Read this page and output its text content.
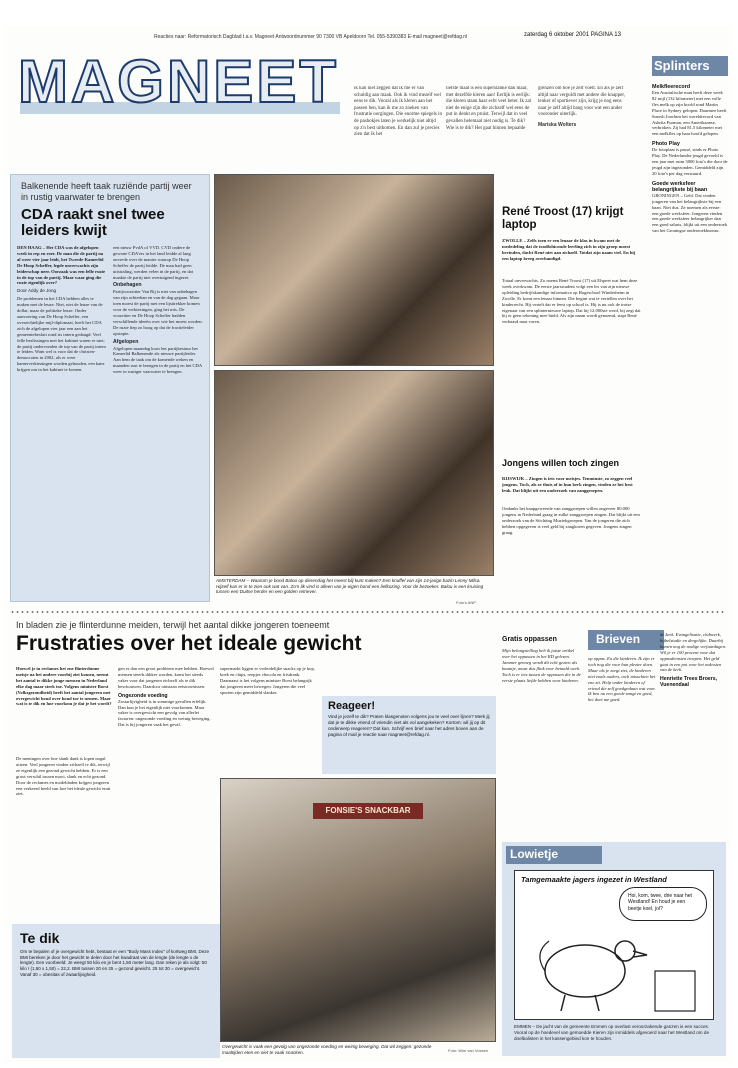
MAGNEET
Reacties naar: Reformatorisch Dagblad t.a.v. Magneet Antwoordnummer 90 7300 VB Apeldoorn Tel. 055-5390383 E-mail magneet@refdag.nl	zaterdag 6 oktober 2001 PAGINA 13
ik kan niet zeggen dat ik me er van schuldig aan maak. Ook ik vind mezelf wel eens te dik. Vooral als ik kleren aan het passen ben, kan ik me zo zoeken van frustratie oorgingen. Die enorme spiegels in de pashokjes laten je werkelijk niet altijd op z'n best uitkomen. En dan zul je precies zien dat ik het
liefste maat is een superslanke dan maar, met dezelfde kleren aan! Eerlijk is eerlijk: die kleren staan haar echt veel beter. Ik zal niet de enige zijn die zichzelf wel eens de put in denkt en pruist. Terwijl dat in veel gevallen helemaal niet nodig is. Te dik? Wie is te dik? Het gaat binnen bepaalde
grenzen om hoe je zelf voelt. En als je zelf altijd naar verguldt met andere die knapper, leuker of sportiever zijn, krijg je nog eens naar je zelf altijd bang voor wat een ander vooronder uiterlijk.
Mariska Wolters
Balkenende heeft taak ruziënde partij weer in rustig vaarwater te brengen
CDA raakt snel twee leiders kwijt
DEN HAAG – Het CDA was de afgelopen week in rep en roer. De man die de partij na al weer vier jaar leidt, het Tweede-Kamerlid De Hoop Scheffer, legde onverwachts zijn leiderschap neer. Oorzaak was een felle ruzie in de top van de partij. Maar waar ging die ruzie eigenlijk over?
Door Addy de Jong
De problemen in het CDA hebben alles te maken met de leuze. Niet, niet de leuze van de dollar, maar de politieke leuze. Onder aanvoering van De Hoop Scheffer, een overzichtelijke mijl-diplomaat, heeft het CDA zich de afgelopen vier jaar een aan het gemeentebesluit rond ris intern gedaagd. Veel felle beslissingen met het kabinet waren er niet; de partij ondervonden de top van de partij intern te leiden. Want wel is voor dat de christen-democraten in 2002, als er weer kamerverkiezingen worden gehouden, een kans krijgen om in het kabinet te komen.
een nieuw PvdA of VVD. CVD ondere de gewone CDA'ers in het land leidde al lang onvrede over de manier waarop De Hoop Scheffer de partij leidde. De man had geen uitstraling, werden velen in de partij, en dat maakte de partij niet overtuigend ingezet.
Onbehagen
Partijvoorzitter Van Rij is niet van onbehagen van zijn achterban en van de dag gegaan. Maar toen moest de partij met een lijsttrekker komen voor de verkiezingen, ging het mis. De voorzitter en De Hoop Scheffer hadden verschillende ideeën over wie het moest worden. De ruzie liep zo hoog op dat de fractieleider opstapte.
Afgelopen
Afgelopen maandag koos het partijbestuur het Kamerlid Balkenende als nieuwe partijleider. Aan hem de taak om de komende weken en maanden rust te brengen in de partij en het CDA weer in rustiger vaarwater te brengen.
AMSTERDAM – Waarom je bond Balou op dierendag het meest blij kunt maken? Een knuffel van zijn 14-jarige bazin Lenny Milca. Hijzelf kan er in te zien ook wat van. Zo'n lik vind is alleen van je eigen bond een liefkozing. Voor de bezoeker. Balou is een kruising tussen een Duitse herder en een golden retriever.
Foto's ANP
René Troost (17) krijgt laptop
ZWOLLE – Zelfs toen er een lenaar de klas in kwam met de mededeling dat de toodfohiconde leerling zich in zijn groep moest bevinden, dacht René niet aan zichzelf. Totdat zijn naam viel. En hij een laptop kreeg overhandigd.
Totaal onverwachts. Zo noemt René Troost (17) uit Elspeet wat hem deze week overkwam. De eerste jaarsstudent volgt een les van zijn nieuwe opleiding bedrijfskundige informatica op Hogeschool Windesheim in Zwolle. Er komt een lenaar binnen. Die begint wat te vertellen over het kinderrecht. Hij vertelt dat er feest op school is. Hij is nu ook de trotse eigenaar van een splinternieuwe laptop. Dat hij 12.000ste werd, hij zegt dat hij er geen rekening mee hield. Als zijn naam wordt genoemd, stapt René verbaasd naar voren.
Jongens willen toch zingen
RIJSWIJK – Zingen is iets voor meisjes. Tenminste, zo zeggen veel jongens. Toch, als ze thuis of in hun kerk zingen, vinden ze het best leuk. Dat blijkt uit een onderzoek van zanggroepen.
Ondanks het knapgeweerde van zanggroepen willen ongeveer 80.000 jongens in Nederland graag in zulke zanggroepen zingen. Dat blijkt uit een onderzoek van de Stichting Muziekgroepen. Van de jongeren die zich hebben opgegeven is veel geld bij zangkoren gegeven. Jongens zingen graag.
Splinters
Melkfleerecord
Een Australische man heeft deze week 82 mijl (132 kilometer) met een volle fles melk op zijn hoofd rond Martin Place in Sydney gelopen. Daarmee heeft Suresh Joachim het wereldrecord van Ashrita Furman, een Amerikaanse, verbroken. Zij had 81,5 kilometer met een melkfles op haar hoofd gelopen.
Photo Play
De fotoplaat is passé, sinds er Photo Play. De Nederlandse jeugd gevoeld is een jaar met ruim 3000 foto's die door de jeugd zijn ingezonden. Gemiddeld zijn 20 foto's per dag verstuurd.
Goede werksfeer belangrijkste bij baan
GRONINGEN – Geld. Dat vinden jongeren van het belangrijkste bij een baan. Niet dus. Ze noemen als eerste: een goede werksfeer. Jongeren vinden een goede werksfeer belangrijker dan een goed salaris, blijkt uit een onderzoek van het Groningse onderzoekbureau.
In bladen zie je flinterdunne meiden, terwijl het aantal dikke jongeren toeneemt
Frustraties over het ideale gewicht
Hoewel je in reclames het ene flinterdunne meisje na het andere voorbij ziet komen, neemt het aantal te dikke jonge mensen in Nederland elke dag maar sterk toe. Volgens minister Borst (Volksgezondheid) heeft het aantal jongeren met overgewicht bond over bond toe te nemen. Maar wat is te dik en hoe voorkom je dat je het wordt?
De meningen over hoe slank dank is lopen nogal uiteen. Veel jongeren vinden zichzelf te dik, terwijl ze eigenlijk een gezond gewicht hebben. Er is een groot verschil tussen mooi, slank en echt gezond. Door de reclames en modebladen krijgen jongeren een verkeerd beeld van hoe het ideale gewicht eruit ziet.
gen er dan een groot probleem mee hebben. Hoewel mensen steeds dikker worden, komt het steeds vaker voor dat jongeren zichzelf als te dik beschouwen. Daardoor ontstaan eetstoornissen.
Ongezonde voeding
Zwaarlijvigheid is in sommige gevallen erfelijk. Dan kun je het eigenlijk niet voorkomen. Maar vaker is overgewicht een gevolg van allerlei factoren: ongezonde voeding en weinig beweging. Dat is bij jongeren vaak het geval.
supermarkt liggen er verleidelijke snacks op je kop, koek en chips, reepjes chocola en frisdrank. Daarnaast is het volgens minister Borst belangrijk dat jongeren meer bewegen. Jongeren die veel sporten zijn gemiddeld slanker.
Reageer!

Vind je jezelf te dik? Praten klasgenoten volgens jou te veel over lijnen? Merk jij dat je te dikke vriend of vriendin niet als vol aangekeken? Kortom: wil jij op dit onderwerp reageren? Dat kan. Schrijf een brief naar het adres boven aan de pagina of mail je reactie naar magneet@refdag.nl.

FONSIE'S SNACKBAR
Overgewicht is vaak een gevolg van ongezonde voeding en weinig beweging. Dat wil zeggen: gezonde maaltijden eten en niet te vaak snacken.	Foto: Wim van Vossen
Te dik

Om te bepalen of je overgewicht hebt, bestaat er een "Body Mass Index" of kortweg BMI. Deze BMI bereken je door het gewicht te delen door het kwadraat van de lengte (de lengte x de lengte). Een voorbeeld: Je weegt 50 kilo en je bent 1,50 meter lang. Dan reken je als volgt: 50 kilo / (1,50 x 1,50) = 22,2. BMI tussen 20 en 25 = gezond gewicht. 25 tot 30 = overgewicht. Vanaf 30 = obesitas of zwaarlijvigheid.

Gratis oppassen
Mijn belangstelling heb ik juiste artikel over het oppassen in het RD gelezen. Jammer genoeg wordt dit echt gezien als baantje, maar dus flink voor betaald werk. Toch is er iets tussen de oppassen die in de eerste plaats liefde hebben voor kinderen.
Brieven
op oppas. En die kinderen. Ik zijn er toch nog die voor hun plezier doen. Maar als je zorgt ziet, de kinderen niet zoals ouders, toch misschien het ene zit. Help onder kinderen of vriend die zelf goedgedaan wat voor. Ik ben nu een goede zangt en goed, het doet me goed.
de kerk. Evangelisatie, clubwerk, bijbelstudie en dergelijke. Daarbij komen nog de nodige verjaardagen. Wil je er 100 procent voor dat oppasdiensten troepen. Het geld gaat in een pot voor het onkosten van de kerk.
Henriette Trees Broers, Vuenendaal
Lowietje
Tamgemaakte jagers ingezet in Westland
Hoi, kom, twee, drie naar het Westland! En houd je een beetje koel, jol?
EMMEN – De jacht van de gemeente Emmen op overlast veroorzakende ganzen is een succes. Vooral op de hoedevel van gemoedde Kieren zijn inmiddels afgevoerd naar het Westland om de doelbalisten in het kassengebied kon te houden.
